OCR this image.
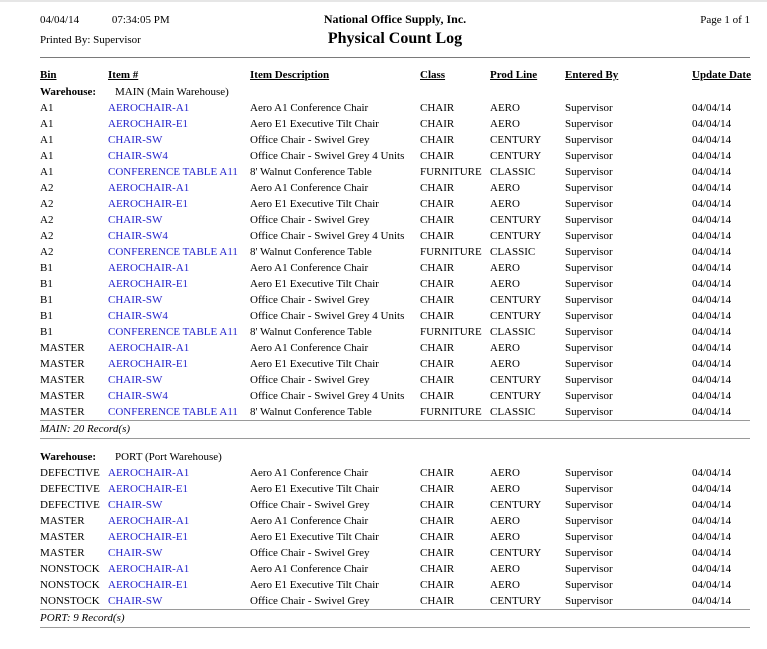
04/04/14	07:34:05 PM	National Office Supply, Inc.	Page 1 of 1
Printed By: Supervisor	Physical Count Log
Bin	Item #	Item Description	Class	Prod Line	Entered By	Update Date
Warehouse:	MAIN (Main Warehouse)					
A1	AEROCHAIR-A1	Aero A1 Conference Chair	CHAIR	AERO	Supervisor	04/04/14
A1	AEROCHAIR-E1	Aero E1 Executive Tilt Chair	CHAIR	AERO	Supervisor	04/04/14
A1	CHAIR-SW	Office Chair - Swivel Grey	CHAIR	CENTURY	Supervisor	04/04/14
A1	CHAIR-SW4	Office Chair - Swivel Grey 4 Units	CHAIR	CENTURY	Supervisor	04/04/14
A1	CONFERENCE TABLE A11	8' Walnut Conference Table	FURNITURE	CLASSIC	Supervisor	04/04/14
A2	AEROCHAIR-A1	Aero A1 Conference Chair	CHAIR	AERO	Supervisor	04/04/14
A2	AEROCHAIR-E1	Aero E1 Executive Tilt Chair	CHAIR	AERO	Supervisor	04/04/14
A2	CHAIR-SW	Office Chair - Swivel Grey	CHAIR	CENTURY	Supervisor	04/04/14
A2	CHAIR-SW4	Office Chair - Swivel Grey 4 Units	CHAIR	CENTURY	Supervisor	04/04/14
A2	CONFERENCE TABLE A11	8' Walnut Conference Table	FURNITURE	CLASSIC	Supervisor	04/04/14
B1	AEROCHAIR-A1	Aero A1 Conference Chair	CHAIR	AERO	Supervisor	04/04/14
B1	AEROCHAIR-E1	Aero E1 Executive Tilt Chair	CHAIR	AERO	Supervisor	04/04/14
B1	CHAIR-SW	Office Chair - Swivel Grey	CHAIR	CENTURY	Supervisor	04/04/14
B1	CHAIR-SW4	Office Chair - Swivel Grey 4 Units	CHAIR	CENTURY	Supervisor	04/04/14
B1	CONFERENCE TABLE A11	8' Walnut Conference Table	FURNITURE	CLASSIC	Supervisor	04/04/14
MASTER	AEROCHAIR-A1	Aero A1 Conference Chair	CHAIR	AERO	Supervisor	04/04/14
MASTER	AEROCHAIR-E1	Aero E1 Executive Tilt Chair	CHAIR	AERO	Supervisor	04/04/14
MASTER	CHAIR-SW	Office Chair - Swivel Grey	CHAIR	CENTURY	Supervisor	04/04/14
MASTER	CHAIR-SW4	Office Chair - Swivel Grey 4 Units	CHAIR	CENTURY	Supervisor	04/04/14
MASTER	CONFERENCE TABLE A11	8' Walnut Conference Table	FURNITURE	CLASSIC	Supervisor	04/04/14
MAIN: 20 Record(s)						

Warehouse:	PORT (Port Warehouse)					
DEFECTIVE	AEROCHAIR-A1	Aero A1 Conference Chair	CHAIR	AERO	Supervisor	04/04/14
DEFECTIVE	AEROCHAIR-E1	Aero E1 Executive Tilt Chair	CHAIR	AERO	Supervisor	04/04/14
DEFECTIVE	CHAIR-SW	Office Chair - Swivel Grey	CHAIR	CENTURY	Supervisor	04/04/14
MASTER	AEROCHAIR-A1	Aero A1 Conference Chair	CHAIR	AERO	Supervisor	04/04/14
MASTER	AEROCHAIR-E1	Aero E1 Executive Tilt Chair	CHAIR	AERO	Supervisor	04/04/14
MASTER	CHAIR-SW	Office Chair - Swivel Grey	CHAIR	CENTURY	Supervisor	04/04/14
NONSTOCK	AEROCHAIR-A1	Aero A1 Conference Chair	CHAIR	AERO	Supervisor	04/04/14
NONSTOCK	AEROCHAIR-E1	Aero E1 Executive Tilt Chair	CHAIR	AERO	Supervisor	04/04/14
NONSTOCK	CHAIR-SW	Office Chair - Swivel Grey	CHAIR	CENTURY	Supervisor	04/04/14
PORT: 9 Record(s)						
